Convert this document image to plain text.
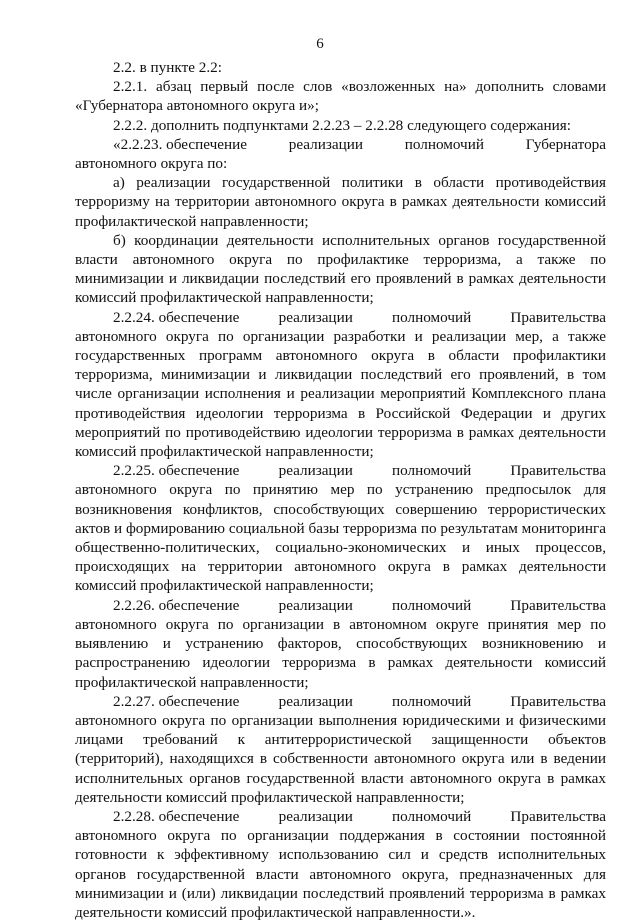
6

2.2. в пункте 2.2:

2.2.1. абзац первый после слов «возложенных на» дополнить словами «Губернатора автономного округа и»;

2.2.2. дополнить подпунктами 2.2.23 – 2.2.28 следующего содержания:

«2.2.23. обеспечение	реализации	полномочий	Губернатора

автономного округа по:

а) реализации государственной политики в области противодействия терроризму на территории автономного округа в рамках деятельности комиссий профилактической направленности;

б) координации деятельности исполнительных органов государственной власти автономного округа по профилактике терроризма, а также по минимизации и ликвидации последствий его проявлений в рамках деятельности комиссий профилактической направленности;

2.2.24. обеспечение	реализации	полномочий	Правительства

автономного округа по организации разработки и реализации мер, а также государственных программ автономного округа в области профилактики терроризма, минимизации и ликвидации последствий его проявлений, в том числе организации исполнения и реализации мероприятий Комплексного плана противодействия идеологии терроризма в Российской Федерации и других мероприятий по противодействию идеологии терроризма в рамках деятельности комиссий профилактической направленности;

2.2.25. обеспечение	реализации	полномочий	Правительства

автономного округа по принятию мер по устранению предпосылок для возникновения конфликтов, способствующих совершению террористических актов и формированию социальной базы терроризма по результатам мониторинга общественно-политических, социально-экономических и иных процессов, происходящих на территории автономного округа в рамках деятельности комиссий профилактической направленности;

2.2.26. обеспечение	реализации	полномочий	Правительства

автономного округа по организации в автономном округе принятия мер по выявлению и устранению факторов, способствующих возникновению и распространению идеологии терроризма в рамках деятельности комиссий профилактической направленности;

2.2.27. обеспечение	реализации	полномочий	Правительства

автономного округа по организации выполнения юридическими и физическими лицами требований к антитеррористической защищенности объектов (территорий), находящихся в собственности автономного округа или в ведении исполнительных органов государственной власти автономного округа в рамках деятельности комиссий профилактической направленности;

2.2.28. обеспечение	реализации	полномочий	Правительства

автономного округа по организации поддержания в состоянии постоянной готовности к эффективному использованию сил и средств исполнительных органов государственной власти автономного округа, предназначенных для минимизации и (или) ликвидации последствий проявлений терроризма в рамках деятельности комиссий профилактической направленности.».
